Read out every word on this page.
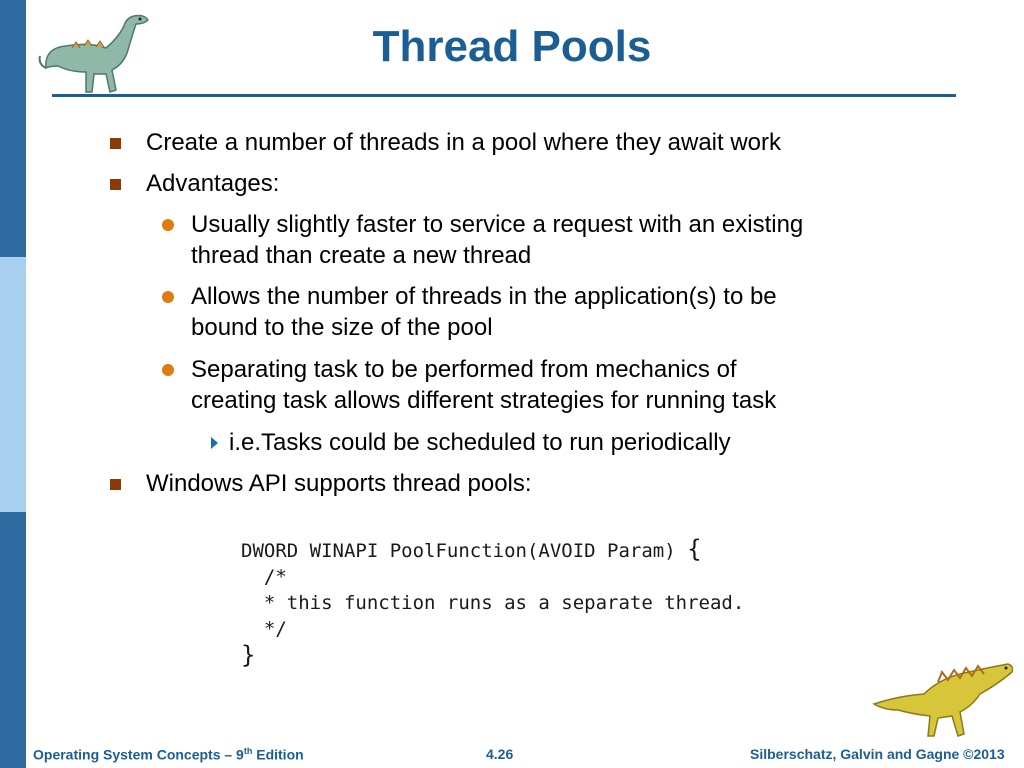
Thread Pools
Create a number of threads in a pool where they await work
Advantages:
Usually slightly faster to service a request with an existing
thread than create a new thread
Allows the number of threads in the application(s) to be
bound to the size of the pool
Separating task to be performed from mechanics of
creating task allows different strategies for running task
i.e.Tasks could be scheduled to run periodically
Windows API supports thread pools:
DWORD WINAPI PoolFunction(AVOID Param) {
/*
* this function runs as a separate thread.
*/
}
Operating System Concepts – 9th Edition	4.26	Silberschatz, Galvin and Gagne ©2013
